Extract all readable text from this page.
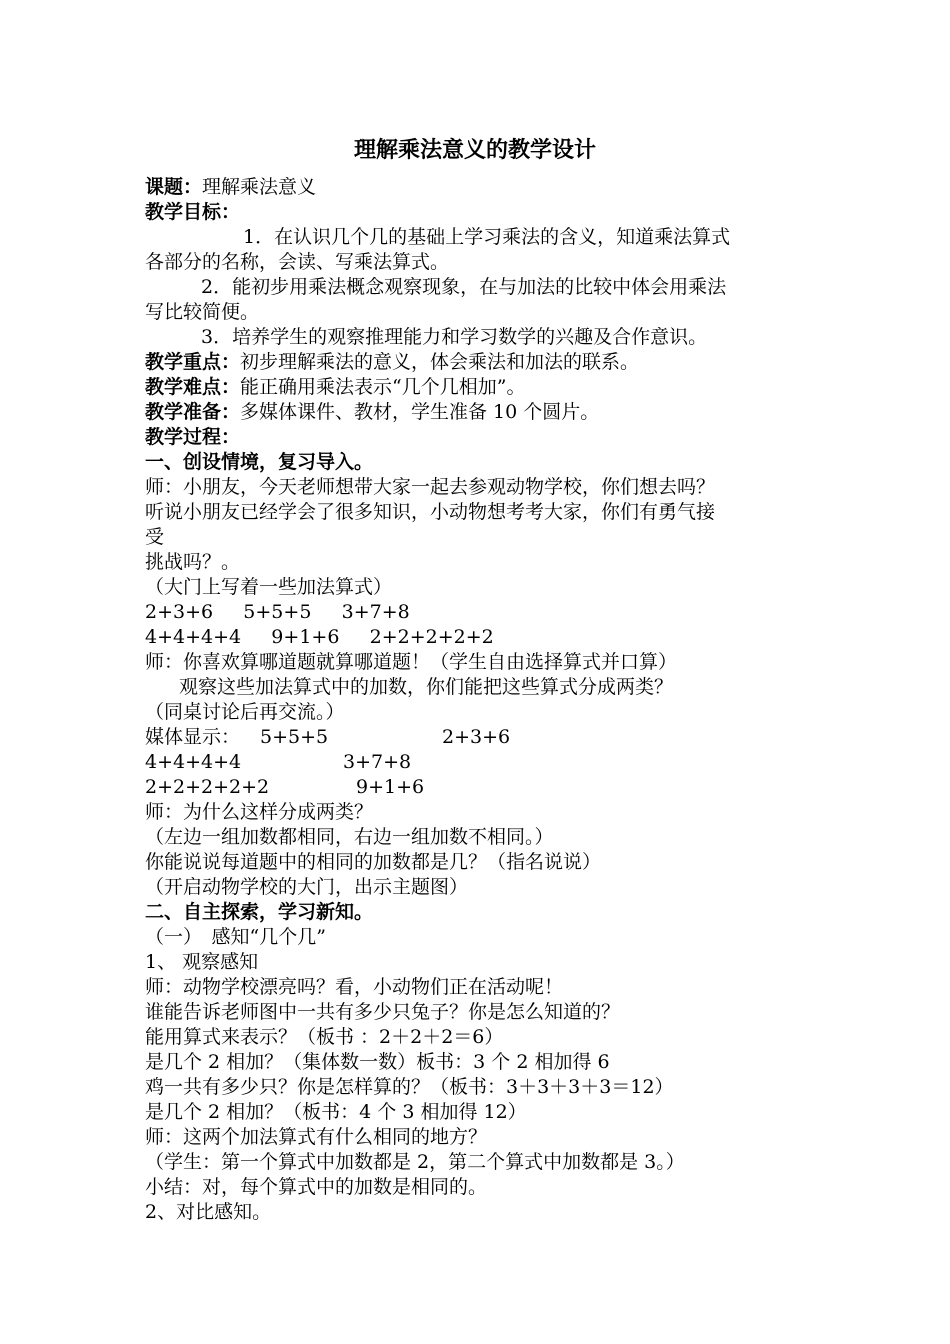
理解乘法意义的教学设计
课题：理解乘法意义
教学目标：
1．在认识几个几的基础上学习乘法的含义，知道乘法算式
各部分的名称，会读、写乘法算式。
2．能初步用乘法概念观察现象，在与加法的比较中体会用乘法
写比较简便。
3．培养学生的观察推理能力和学习数学的兴趣及合作意识。
教学重点：初步理解乘法的意义，体会乘法和加法的联系。
教学难点：能正确用乘法表示“几个几相加”。
教学准备：多媒体课件、教材，学生准备 10 个圆片。
教学过程：
一、创设情境，复习导入。
师：小朋友，今天老师想带大家一起去参观动物学校，你们想去吗？
听说小朋友已经学会了很多知识，小动物想考考大家，你们有勇气接
受
挑战吗？。
（大门上写着一些加法算式）
2+3+6     5+5+5     3+7+8
4+4+4+4     9+1+6     2+2+2+2+2
师：你喜欢算哪道题就算哪道题！（学生自由选择算式并口算）
观察这些加法算式中的加数，你们能把这些算式分成两类？
（同桌讨论后再交流。）
媒体显示： 5+5+5	2+3+6
4+4+4+4	3+7+8
2+2+2+2+2	9+1+6
师：为什么这样分成两类？
（左边一组加数都相同，右边一组加数不相同。）
你能说说每道题中的相同的加数都是几？（指名说说）
（开启动物学校的大门，出示主题图）
二、自主探索，学习新知。
（一）　感知“几个几”
1、 观察感知
师：动物学校漂亮吗？看，小动物们正在活动呢！
谁能告诉老师图中一共有多少只兔子？你是怎么知道的？
能用算式来表示？（板书 ：2＋2＋2＝6）
是几个 2 相加？（集体数一数）板书：3 个 2 相加得 6
鸡一共有多少只？你是怎样算的？（板书：3＋3＋3＋3＝12）
是几个 2 相加？（板书：4 个 3 相加得 12）
师：这两个加法算式有什么相同的地方？
（学生：第一个算式中加数都是 2，第二个算式中加数都是 3。）
小结：对，每个算式中的加数是相同的。
2、对比感知。
